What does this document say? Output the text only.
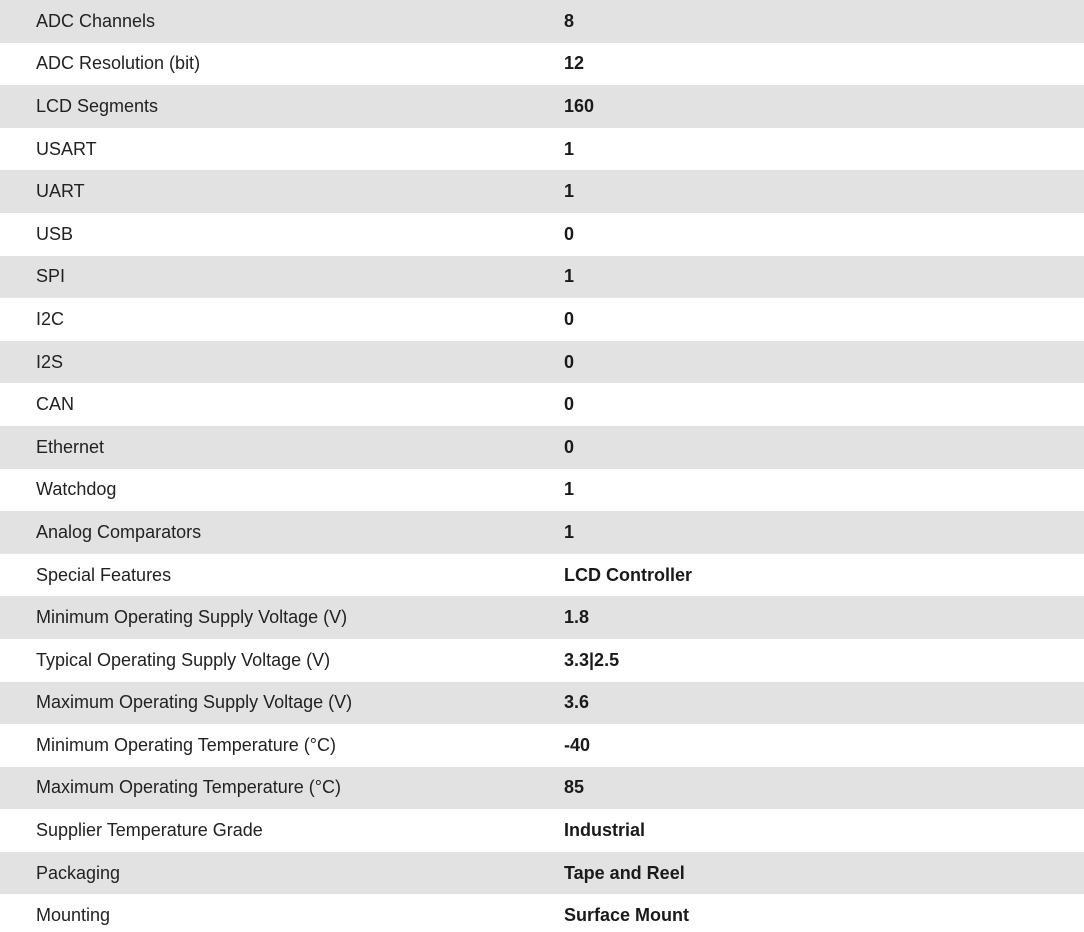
ADC Channels	8
ADC Resolution (bit)	12
LCD Segments	160
USART	1
UART	1
USB	0
SPI	1
I2C	0
I2S	0
CAN	0
Ethernet	0
Watchdog	1
Analog Comparators	1
Special Features	LCD Controller
Minimum Operating Supply Voltage (V)	1.8
Typical Operating Supply Voltage (V)	3.3|2.5
Maximum Operating Supply Voltage (V)	3.6
Minimum Operating Temperature (°C)	-40
Maximum Operating Temperature (°C)	85
Supplier Temperature Grade	Industrial
Packaging	Tape and Reel
Mounting	Surface Mount
